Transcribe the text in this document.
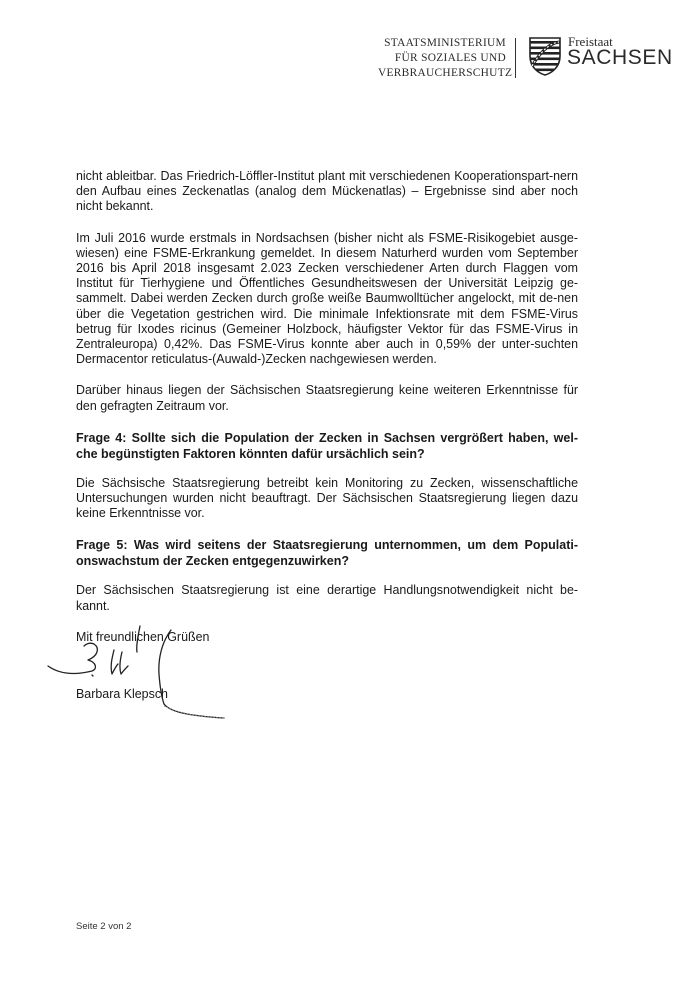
STAATSMINISTERIUM
FÜR SOZIALES UND
VERBRAUCHERSCHUTZ
Freistaat
SACHSEN

nicht ableitbar. Das Friedrich-Löffler-Institut plant mit verschiedenen Kooperationspart-nern den Aufbau eines Zeckenatlas (analog dem Mückenatlas) – Ergebnisse sind aber noch nicht bekannt.

Im Juli 2016 wurde erstmals in Nordsachsen (bisher nicht als FSME-Risikogebiet ausge-wiesen) eine FSME-Erkrankung gemeldet. In diesem Naturherd wurden vom September 2016 bis April 2018 insgesamt 2.023 Zecken verschiedener Arten durch Flaggen vom Institut für Tierhygiene und Öffentliches Gesundheitswesen der Universität Leipzig ge-sammelt. Dabei werden Zecken durch große weiße Baumwolltücher angelockt, mit de-nen über die Vegetation gestrichen wird. Die minimale Infektionsrate mit dem FSME-Virus betrug für Ixodes ricinus (Gemeiner Holzbock, häufigster Vektor für das FSME-Virus in Zentraleuropa) 0,42%. Das FSME-Virus konnte aber auch in 0,59% der unter-suchten Dermacentor reticulatus-(Auwald-)Zecken nachgewiesen werden.

Darüber hinaus liegen der Sächsischen Staatsregierung keine weiteren Erkenntnisse für den gefragten Zeitraum vor.

Frage 4: Sollte sich die Population der Zecken in Sachsen vergrößert haben, wel-che begünstigten Faktoren könnten dafür ursächlich sein?

Die Sächsische Staatsregierung betreibt kein Monitoring zu Zecken, wissenschaftliche Untersuchungen wurden nicht beauftragt. Der Sächsischen Staatsregierung liegen dazu keine Erkenntnisse vor.

Frage 5: Was wird seitens der Staatsregierung unternommen, um dem Populati-onswachstum der Zecken entgegenzuwirken?

Der Sächsischen Staatsregierung ist eine derartige Handlungsnotwendigkeit nicht be-kannt.

Mit freundlichen Grüßen

Barbara Klepsch
Seite 2 von 2
